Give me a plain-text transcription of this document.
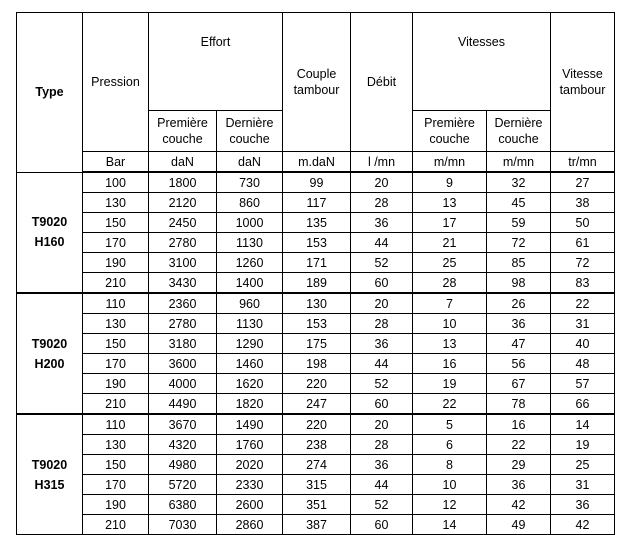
Type	Pression	Effort		Couple tambour	Débit	Vitesses		Vitesse tambour
		Première couche	Dernière couche			Première couche	Dernière couche	
	Bar	daN	daN	m.daN	l /mn	m/mn	m/mn	tr/mn

T9020
H160	100	1800	730	99	20	9	32	27
	130	2120	860	117	28	13	45	38
	150	2450	1000	135	36	17	59	50
	170	2780	1130	153	44	21	72	61
	190	3100	1260	171	52	25	85	72
	210	3430	1400	189	60	28	98	83

T9020
H200	110	2360	960	130	20	7	26	22
	130	2780	1130	153	28	10	36	31
	150	3180	1290	175	36	13	47	40
	170	3600	1460	198	44	16	56	48
	190	4000	1620	220	52	19	67	57
	210	4490	1820	247	60	22	78	66

T9020
H315	110	3670	1490	220	20	5	16	14
	130	4320	1760	238	28	6	22	19
	150	4980	2020	274	36	8	29	25
	170	5720	2330	315	44	10	36	31
	190	6380	2600	351	52	12	42	36
	210	7030	2860	387	60	14	49	42
